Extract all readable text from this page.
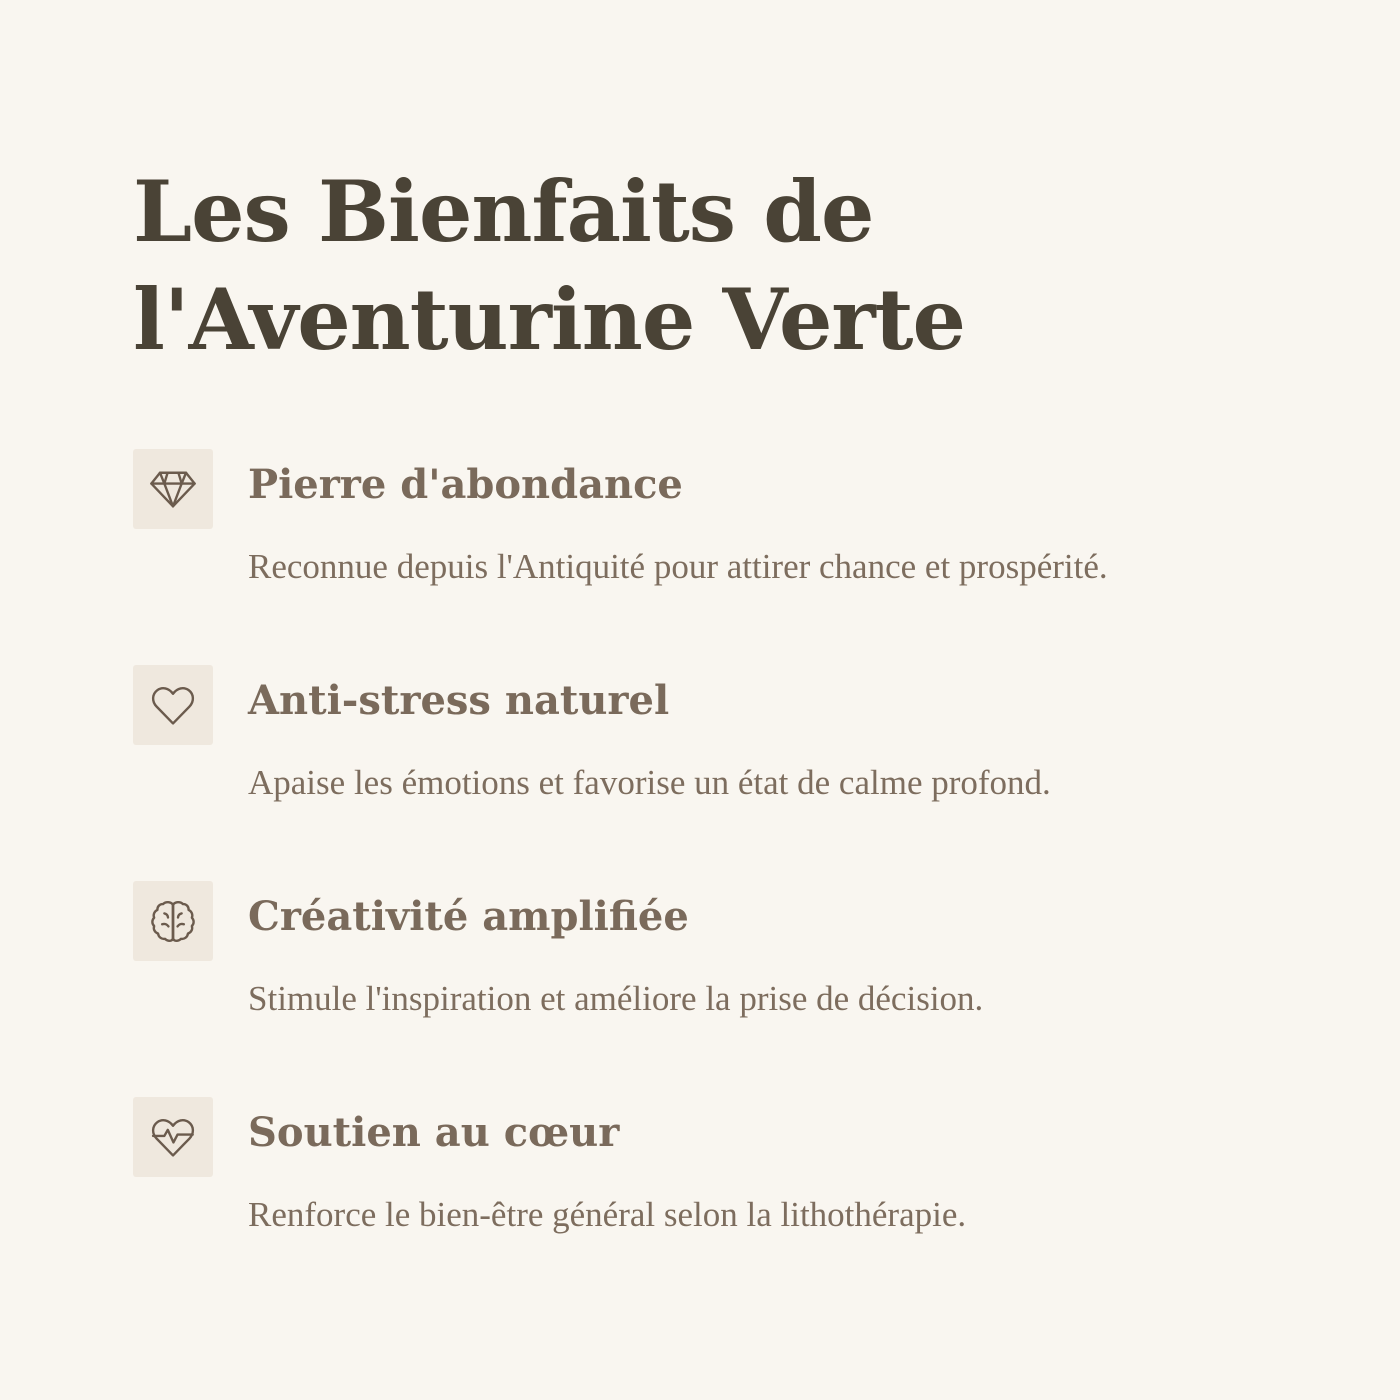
Les Bienfaits de
l'Aventurine Verte
Pierre d'abondance

Reconnue depuis l'Antiquité pour attirer chance et prospérité.

Anti-stress naturel

Apaise les émotions et favorise un état de calme profond.

Créativité amplifiée

Stimule l'inspiration et améliore la prise de décision.

Soutien au cœur

Renforce le bien-être général selon la lithothérapie.
